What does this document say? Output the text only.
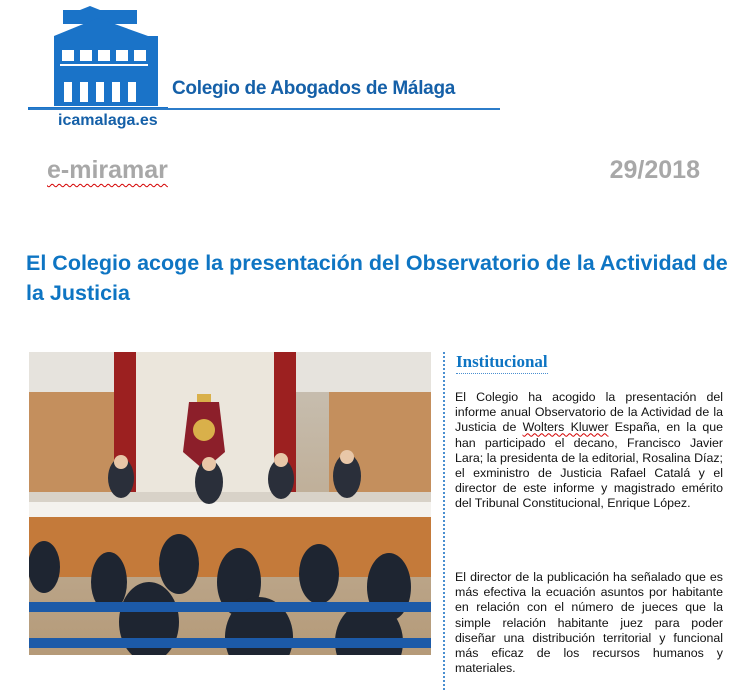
Colegio de Abogados de Málaga
icamalaga.es
e-miramar	29/2018
El Colegio acoge la presentación del Observatorio de la Actividad de la Justicia
Institucional

El Colegio ha acogido la presentación del informe anual Observatorio de la Actividad de la Justicia de Wolters Kluwer España, en la que han participado el decano, Francisco Javier Lara; la presidenta de la editorial, Rosalina Díaz; el exministro de Justicia Rafael Catalá y el director de este informe y magistrado emérito del Tribunal Constitucional, Enrique López.

El director de la publicación ha señalado que es más efectiva la ecuación asuntos por habitante en relación con el número de jueces que la simple relación habitante juez para poder diseñar una distribución territorial y funcional más eficaz de los recursos humanos y materiales.
